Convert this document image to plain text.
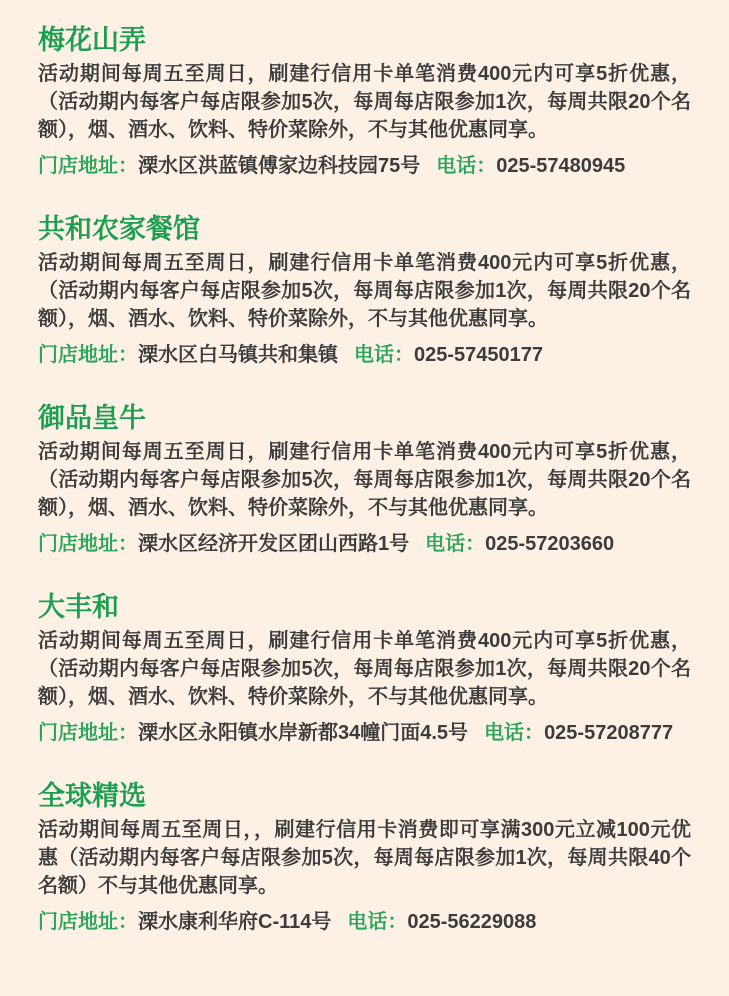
梅花山弄

活动期间每周五至周日，刷建行信用卡单笔消费400元内可享5折优惠，（活动期内每客户每店限参加5次，每周每店限参加1次，每周共限20个名额），烟、酒水、饮料、特价菜除外，不与其他优惠同享。

门店地址：溧水区洪蓝镇傅家边科技园75号 电话：025-57480945

共和农家餐馆

活动期间每周五至周日，刷建行信用卡单笔消费400元内可享5折优惠，（活动期内每客户每店限参加5次，每周每店限参加1次，每周共限20个名额），烟、酒水、饮料、特价菜除外，不与其他优惠同享。

门店地址：溧水区白马镇共和集镇 电话：025-57450177

御品皇牛

活动期间每周五至周日，刷建行信用卡单笔消费400元内可享5折优惠，（活动期内每客户每店限参加5次，每周每店限参加1次，每周共限20个名额），烟、酒水、饮料、特价菜除外，不与其他优惠同享。

门店地址：溧水区经济开发区团山西路1号 电话：025-57203660

大丰和

活动期间每周五至周日，刷建行信用卡单笔消费400元内可享5折优惠，（活动期内每客户每店限参加5次，每周每店限参加1次，每周共限20个名额），烟、酒水、饮料、特价菜除外，不与其他优惠同享。

门店地址：溧水区永阳镇水岸新都34幢门面4.5号 电话：025-57208777

全球精选

活动期间每周五至周日，，刷建行信用卡消费即可享满300元立减100元优惠（活动期内每客户每店限参加5次，每周每店限参加1次，每周共限40个名额）不与其他优惠同享。

门店地址：溧水康利华府C-114号 电话：025-56229088
